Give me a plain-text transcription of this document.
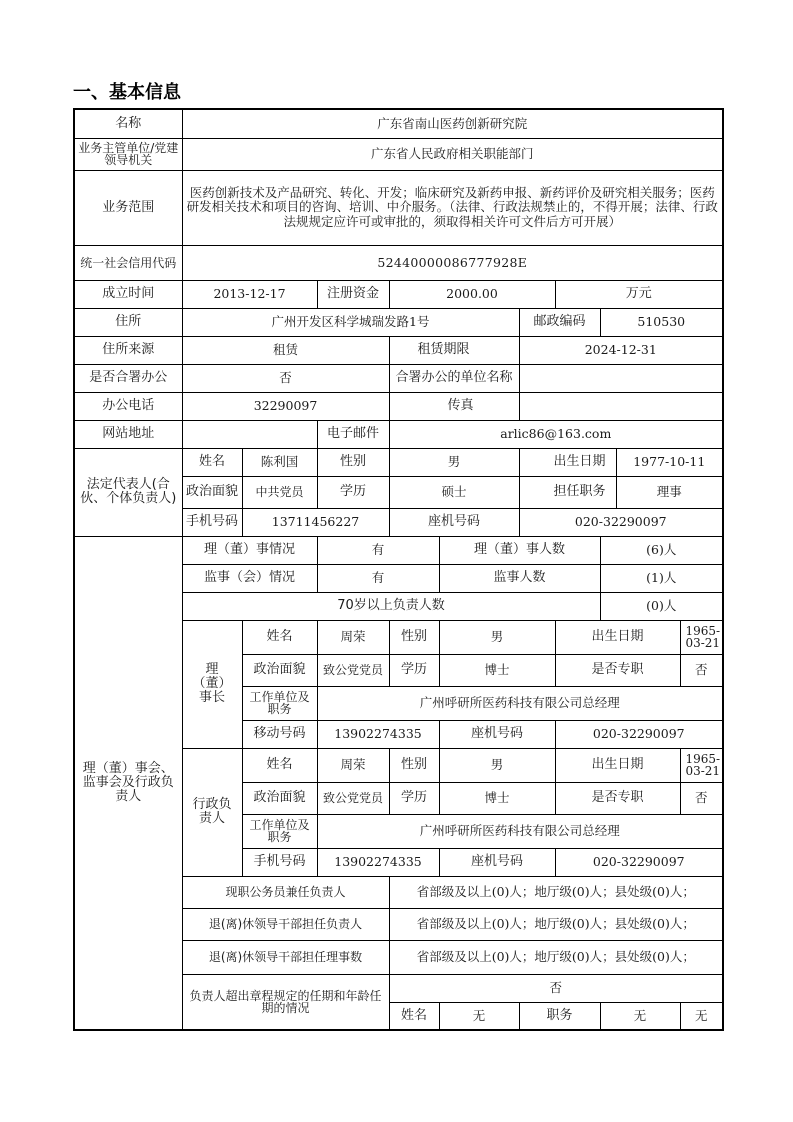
一、基本信息
名称	广东省南山医药创新研究院									
业务主管单位/党建领导机关	广东省人民政府相关职能部门									
业务范围	医药创新技术及产品研究、转化、开发；临床研究及新药申报、新药评价及研究相关服务；医药研发相关技术和项目的咨询、培训、中介服务。（法律、行政法规禁止的，不得开展；法律、行政法规规定应许可或审批的，须取得相关许可文件后方可开展）									
统一社会信用代码	52440000086777928E									
成立时间	2013-12-17		注册资金	2000.00			万元			
住所	广州开发区科学城瑞发路1号					邮政编码		510530		
住所来源	租赁			租赁期限		2024-12-31				
是否合署办公	否			合署办公的单位名称						
办公电话	32290097			传真						
网站地址			电子邮件	arlic86@163.com						
法定代表人(合伙、个体负责人)	姓名	陈利国	性别	男		出生日期			1977-10-11	
	政治面貌	中共党员	学历	硕士		担任职务			理事	
	手机号码	13711456227		座机号码		020-32290097				
理（董）事会、监事会及行政负责人	理（董）事情况		有		理（董）事人数			(6)人		
	监事（会）情况		有		监事人数			(1)人		
	70岁以上负责人数							(0)人		
	理（董）事长	姓名	周荣	性别	男		出生日期			1965-03-21
		政治面貌	致公党党员	学历	博士		是否专职			否
		工作单位及职务	广州呼研所医药科技有限公司总经理							
		移动号码	13902274335		座机号码		020-32290097			
	行政负责人	姓名	周荣	性别	男		出生日期			1965-03-21
		政治面貌	致公党党员	学历	博士		是否专职			否
		工作单位及职务	广州呼研所医药科技有限公司总经理							
		手机号码	13902274335		座机号码		020-32290097			
	现职公务员兼任负责人			省部级及以上(0)人；地厅级(0)人；县处级(0)人；						
	退(离)休领导干部担任负责人			省部级及以上(0)人；地厅级(0)人；县处级(0)人；						
	退(离)休领导干部担任理事数			省部级及以上(0)人；地厅级(0)人；县处级(0)人；						
	负责人超出章程规定的任期和年龄任期的情况			否						
				姓名	无	职务		无		无
